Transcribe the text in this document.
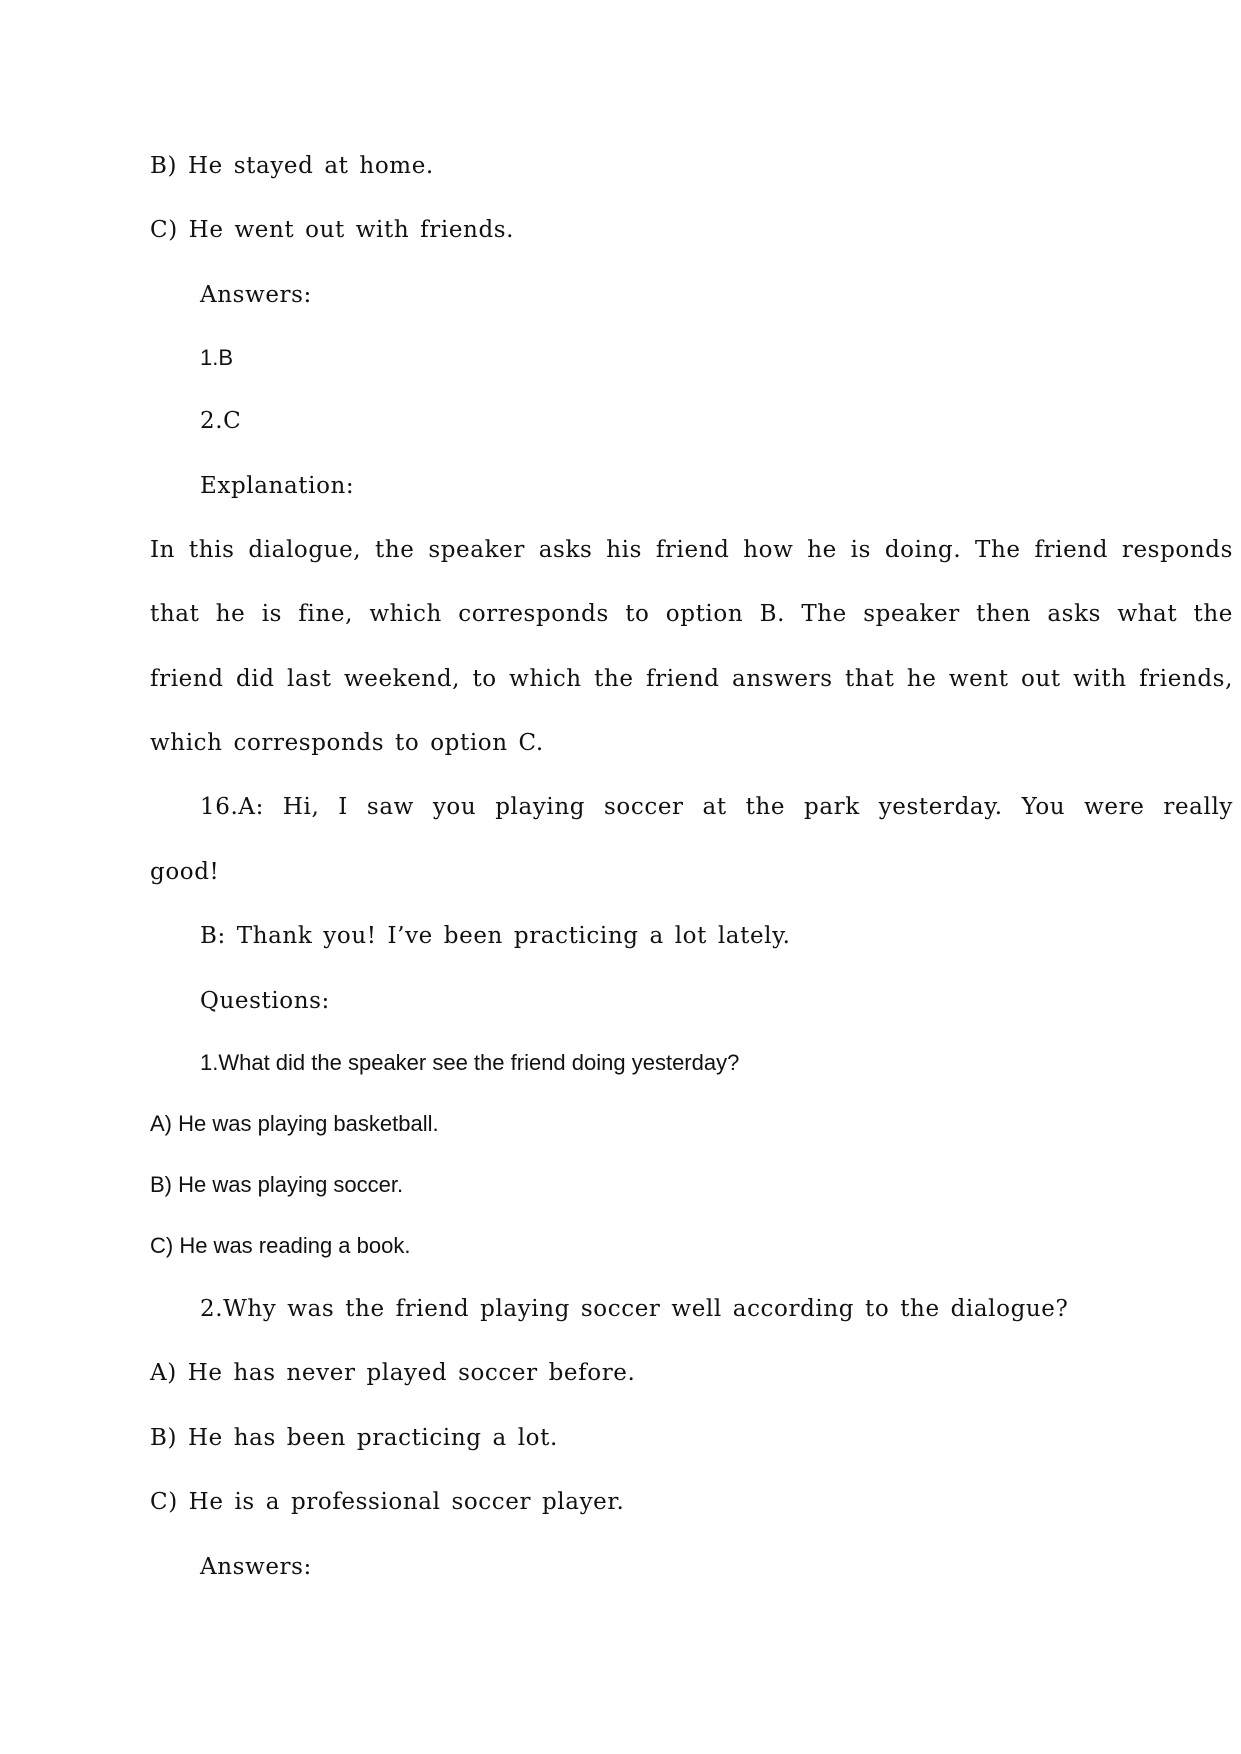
B) He stayed at home.
C) He went out with friends.
Answers:
1.B
2.C
Explanation:
In this dialogue, the speaker asks his friend how he is doing. The friend responds
that he is fine, which corresponds to option B. The speaker then asks what the
friend did last weekend, to which the friend answers that he went out with friends,
which corresponds to option C.
16.A: Hi, I saw you playing soccer at the park yesterday. You were really
good!
B: Thank you! I’ve been practicing a lot lately.
Questions:
1.What did the speaker see the friend doing yesterday?
A) He was playing basketball.
B) He was playing soccer.
C) He was reading a book.
2.Why was the friend playing soccer well according to the dialogue?
A) He has never played soccer before.
B) He has been practicing a lot.
C) He is a professional soccer player.
Answers:
